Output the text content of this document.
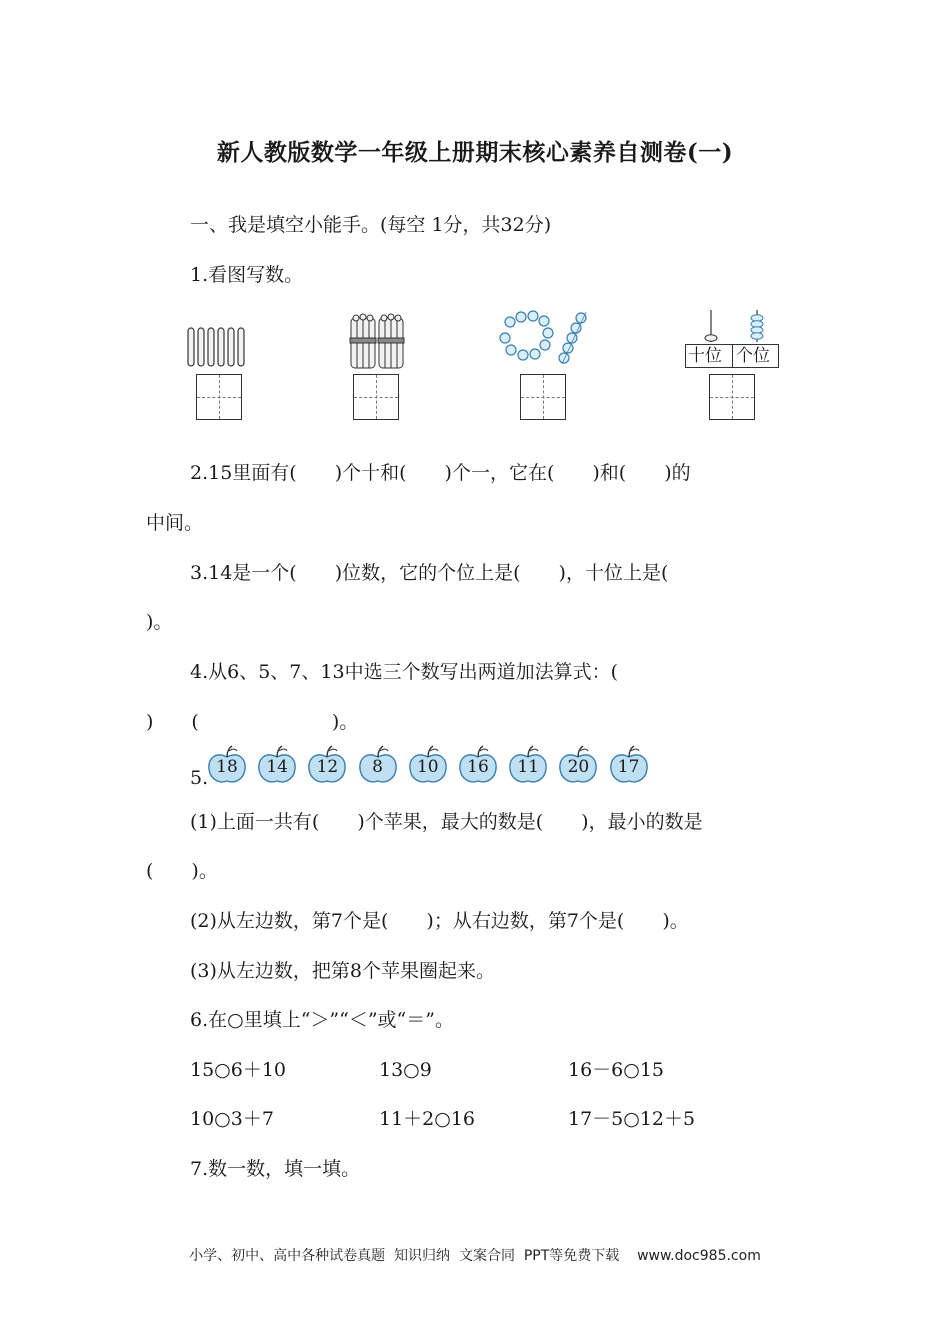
新人教版数学一年级上册期末核心素养自测卷(一)
一、我是填空小能手。(每空 1分，共32分)
1.看图写数。

十位

个位

2.15里面有(　　)个十和(　　)个一，它在(　　)和(　　)的
中间。
3.14是一个(　　)位数，它的个位上是(　　)，十位上是(
)。
4.从6、5、7、13中选三个数写出两道加法算式：(
)　　(　　　　　　　)。
5. 18	14	12	8	10	16	11	20	17
(1)上面一共有(　　)个苹果，最大的数是(　　)，最小的数是
(　　)。
(2)从左边数，第7个是(　　)；从右边数，第7个是(　　)。
(3)从左边数，把第8个苹果圈起来。
6.在○里填上“＞”“＜”或“＝”。
15○6＋10	13○9	16－6○15
10○3＋7	11＋2○16	17－5○12＋5
7.数一数，填一填。
小学、初中、高中各种试卷真题  知识归纳  文案合同  PPT等免费下载    www.doc985.com
